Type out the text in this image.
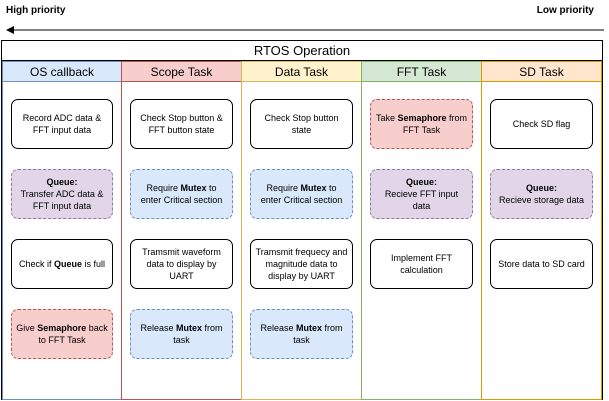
High priority	Low priority
RTOS Operation
OS callback
Record ADC data & FFT input data
Queue:
Transfer ADC data & FFT input data
Check if Queue is full
Give Semaphore back to FFT Task
Scope Task
Check Stop button & FFT button state
Require Mutex to enter Critical section
Tramsmit waveform data to display by UART
Release Mutex from task
Data Task
Check Stop button state
Require Mutex to enter Critical section
Tramsmit frequecy and magnitude data to display by UART
Release Mutex from task
FFT Task
Take Semaphore from FFT Task
Queue:
Recieve FFT input data
Implement FFT calculation
SD Task
Check SD flag
Queue:
Recieve storage data
Store data to SD card
